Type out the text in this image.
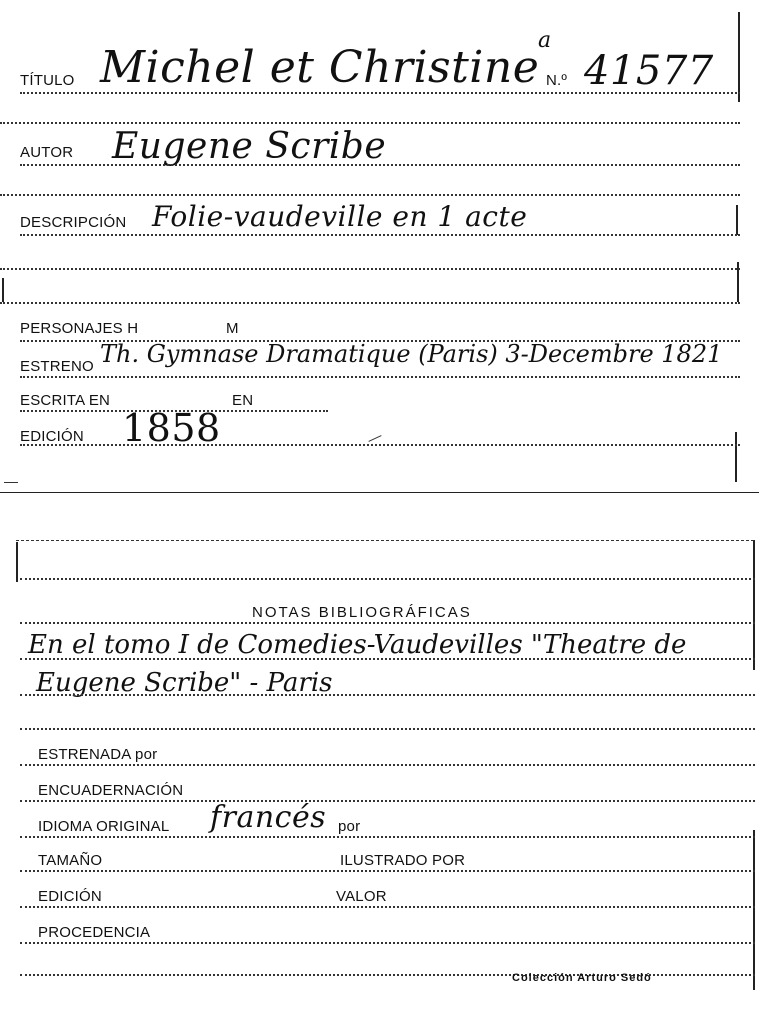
TÍTULO Michel et Christine
a
N.º 41577
AUTOR Eugene Scribe
DESCRIPCIÓN Folie-vaudeville en 1 acte
PERSONAJES H	M
ESTRENO Th. Gymnase Dramatique (Paris) 3-Decembre 1821
ESCRITA EN	EN
EDICIÓN 1858
NOTAS BIBLIOGRÁFICAS
En el tomo I de Comedies-Vaudevilles "Theatre de
Eugene Scribe" - Paris
ESTRENADA por
ENCUADERNACIÓN
IDIOMA ORIGINAL francés por
TAMAÑO	ILUSTRADO POR
EDICIÓN	VALOR
PROCEDENCIA
Colección Arturo Sedó
